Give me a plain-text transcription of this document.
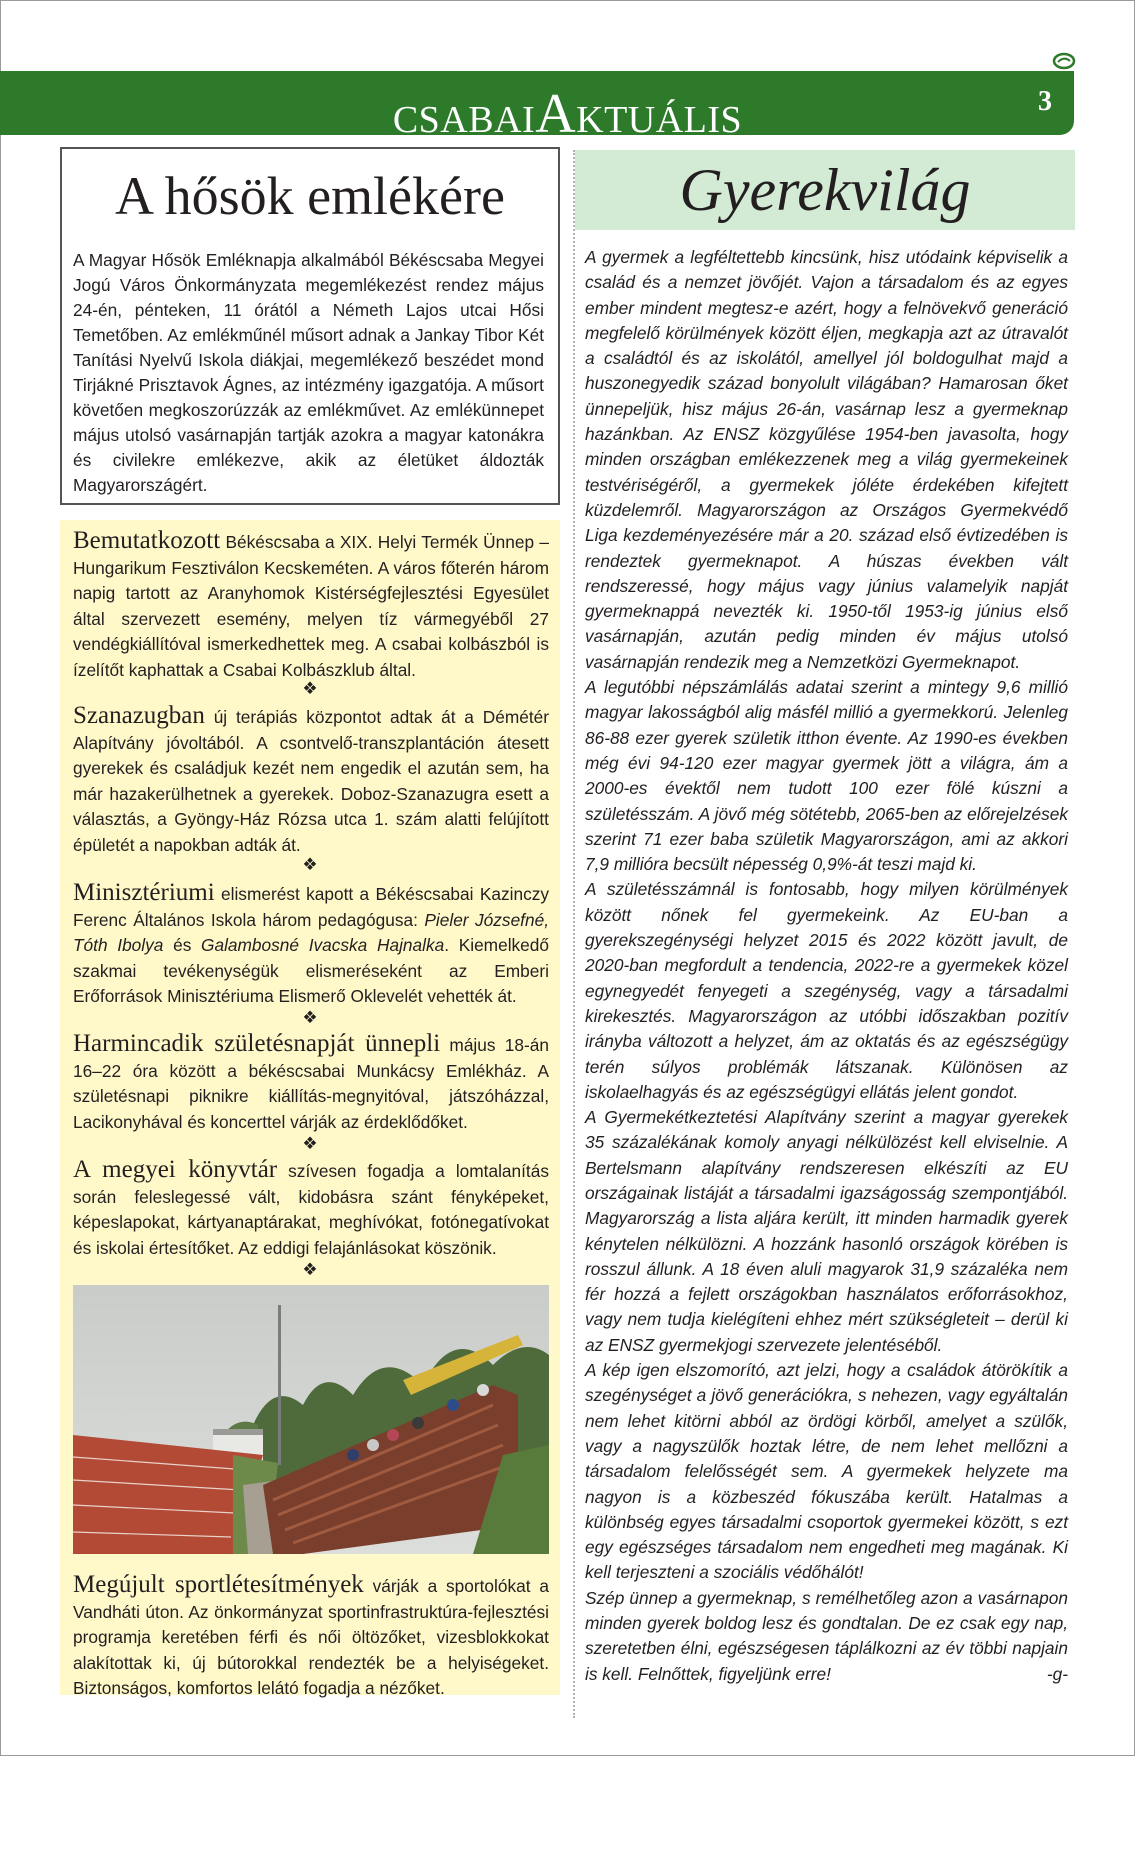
CSABAIAKTUÁLIS	3
A hősök emlékére

A Magyar Hősök Emléknapja alkalmából Békéscsaba Megyei Jogú Város Önkormányzata megemlékezést rendez május 24-én, pénteken, 11 órától a Németh Lajos utcai Hősi Temetőben. Az emlékműnél műsort adnak a Jankay Tibor Két Tanítási Nyelvű Iskola diákjai, megemlékező beszédet mond Tirjákné Prisztavok Ágnes, az intézmény igazgatója. A műsort követően megkoszorúzzák az emlékművet. Az emlékünnepet május utolsó vasárnapján tartják azokra a magyar katonákra és civilekre emlékezve, akik az életüket áldozták Magyarországért.

Bemutatkozott Békéscsaba a XIX. Helyi Termék Ünnep – Hungarikum Fesztiválon Kecskeméten. A város főterén három napig tartott az Aranyhomok Kistérségfejlesztési Egyesület által szervezett esemény, melyen tíz vármegyéből 27 vendégkiállítóval ismerkedhettek meg. A csabai kolbászból is ízelítőt kaphattak a Csabai Kolbászklub által.

❖

Szanazugban új terápiás központot adtak át a Démétér Alapítvány jóvoltából. A csontvelő-transzplantáción átesett gyerekek és családjuk kezét nem engedik el azután sem, ha már hazakerülhetnek a gyerekek. Doboz-Szanazugra esett a választás, a Gyöngy-Ház Rózsa utca 1. szám alatti felújított épületét a napokban adták át.

❖

Minisztériumi elismerést kapott a Békéscsabai Kazinczy Ferenc Általános Iskola három pedagógusa: Pieler Józsefné, Tóth Ibolya és Galambosné Ivacska Hajnalka. Kiemelkedő szakmai tevékenységük elismeréseként az Emberi Erőforrások Minisztériuma Elismerő Oklevelét vehették át.

❖

Harmincadik születésnapját ünnepli május 18-án 16–22 óra között a békéscsabai Munkácsy Emlékház. A születésnapi piknikre kiállítás-megnyitóval, játszóházzal, Lacikonyhával és koncerttel várják az érdeklődőket.

❖

A megyei könyvtár szívesen fogadja a lomtalanítás során feleslegessé vált, kidobásra szánt fényképeket, képeslapokat, kártyanaptárakat, meghívókat, fotónegatívokat és iskolai értesítőket. Az eddigi felajánlásokat köszönik.

❖

Megújult sportlétesítmények várják a sportolókat a Vandháti úton. Az önkormányzat sportinfrastruktúra-fejlesztési programja keretében férfi és női öltözőket, vizesblokkokat alakítottak ki, új bútorokkal rendezték be a helyiségeket. Biztonságos, komfortos lelátó fogadja a nézőket.

Gyerekvilág
A gyermek a legféltettebb kincsünk, hisz utódaink képviselik a család és a nemzet jövőjét. Vajon a társadalom és az egyes ember mindent megtesz-e azért, hogy a felnövekvő generáció megfelelő körülmények között éljen, megkapja azt az útravalót a családtól és az iskolától, amellyel jól boldogulhat majd a huszonegyedik század bonyolult világában? Hamarosan őket ünnepeljük, hisz május 26-án, vasárnap lesz a gyermeknap hazánkban. Az ENSZ közgyűlése 1954-ben javasolta, hogy minden országban emlékezzenek meg a világ gyermekeinek testvériségéről, a gyermekek jóléte érdekében kifejtett küzdelemről. Magyarországon az Országos Gyermekvédő Liga kezdeményezésére már a 20. század első évtizedében is rendeztek gyermeknapot. A húszas években vált rendszeressé, hogy május vagy június valamelyik napját gyermeknappá nevezték ki. 1950-től 1953-ig június első vasárnapján, azután pedig minden év május utolsó vasárnapján rendezik meg a Nemzetközi Gyermeknapot.
A legutóbbi népszámlálás adatai szerint a mintegy 9,6 millió magyar lakosságból alig másfél millió a gyermekkorú. Jelenleg 86-88 ezer gyerek születik itthon évente. Az 1990-es években még évi 94-120 ezer magyar gyermek jött a világra, ám a 2000-es évektől nem tudott 100 ezer fölé kúszni a születésszám. A jövő még sötétebb, 2065-ben az előrejelzések szerint 71 ezer baba születik Magyarországon, ami az akkori 7,9 millióra becsült népesség 0,9%-át teszi majd ki.
A születésszámnál is fontosabb, hogy milyen körülmények között nőnek fel gyermekeink. Az EU-ban a gyerekszegénységi helyzet 2015 és 2022 között javult, de 2020-ban megfordult a tendencia, 2022-re a gyermekek közel egynegyedét fenyegeti a szegénység, vagy a társadalmi kirekesztés. Magyarországon az utóbbi időszakban pozitív irányba változott a helyzet, ám az oktatás és az egészségügy terén súlyos problémák látszanak. Különösen az iskolaelhagyás és az egészségügyi ellátás jelent gondot.
A Gyermekétkeztetési Alapítvány szerint a magyar gyerekek 35 százalékának komoly anyagi nélkülözést kell elviselnie. A Bertelsmann alapítvány rendszeresen elkészíti az EU országainak listáját a társadalmi igazságosság szempontjából. Magyarország a lista aljára került, itt minden harmadik gyerek kénytelen nélkülözni. A hozzánk hasonló országok körében is rosszul állunk. A 18 éven aluli magyarok 31,9 százaléka nem fér hozzá a fejlett országokban használatos erőforrásokhoz, vagy nem tudja kielégíteni ehhez mért szükségleteit – derül ki az ENSZ gyermekjogi szervezete jelentéséből.
A kép igen elszomorító, azt jelzi, hogy a családok átörökítik a szegénységet a jövő generációkra, s nehezen, vagy egyáltalán nem lehet kitörni abból az ördögi körből, amelyet a szülők, vagy a nagyszülők hoztak létre, de nem lehet mellőzni a társadalom felelősségét sem. A gyermekek helyzete ma nagyon is a közbeszéd fókuszába került. Hatalmas a különbség egyes társadalmi csoportok gyermekei között, s ezt egy egészséges társadalom nem engedheti meg magának. Ki kell terjeszteni a szociális védőhálót!
Szép ünnep a gyermeknap, s remélhetőleg azon a vasárnapon minden gyerek boldog lesz és gondtalan. De ez csak egy nap, szeretetben élni, egészségesen táplálkozni az év többi napjain is kell. Felnőttek, figyeljünk erre!	-g-
